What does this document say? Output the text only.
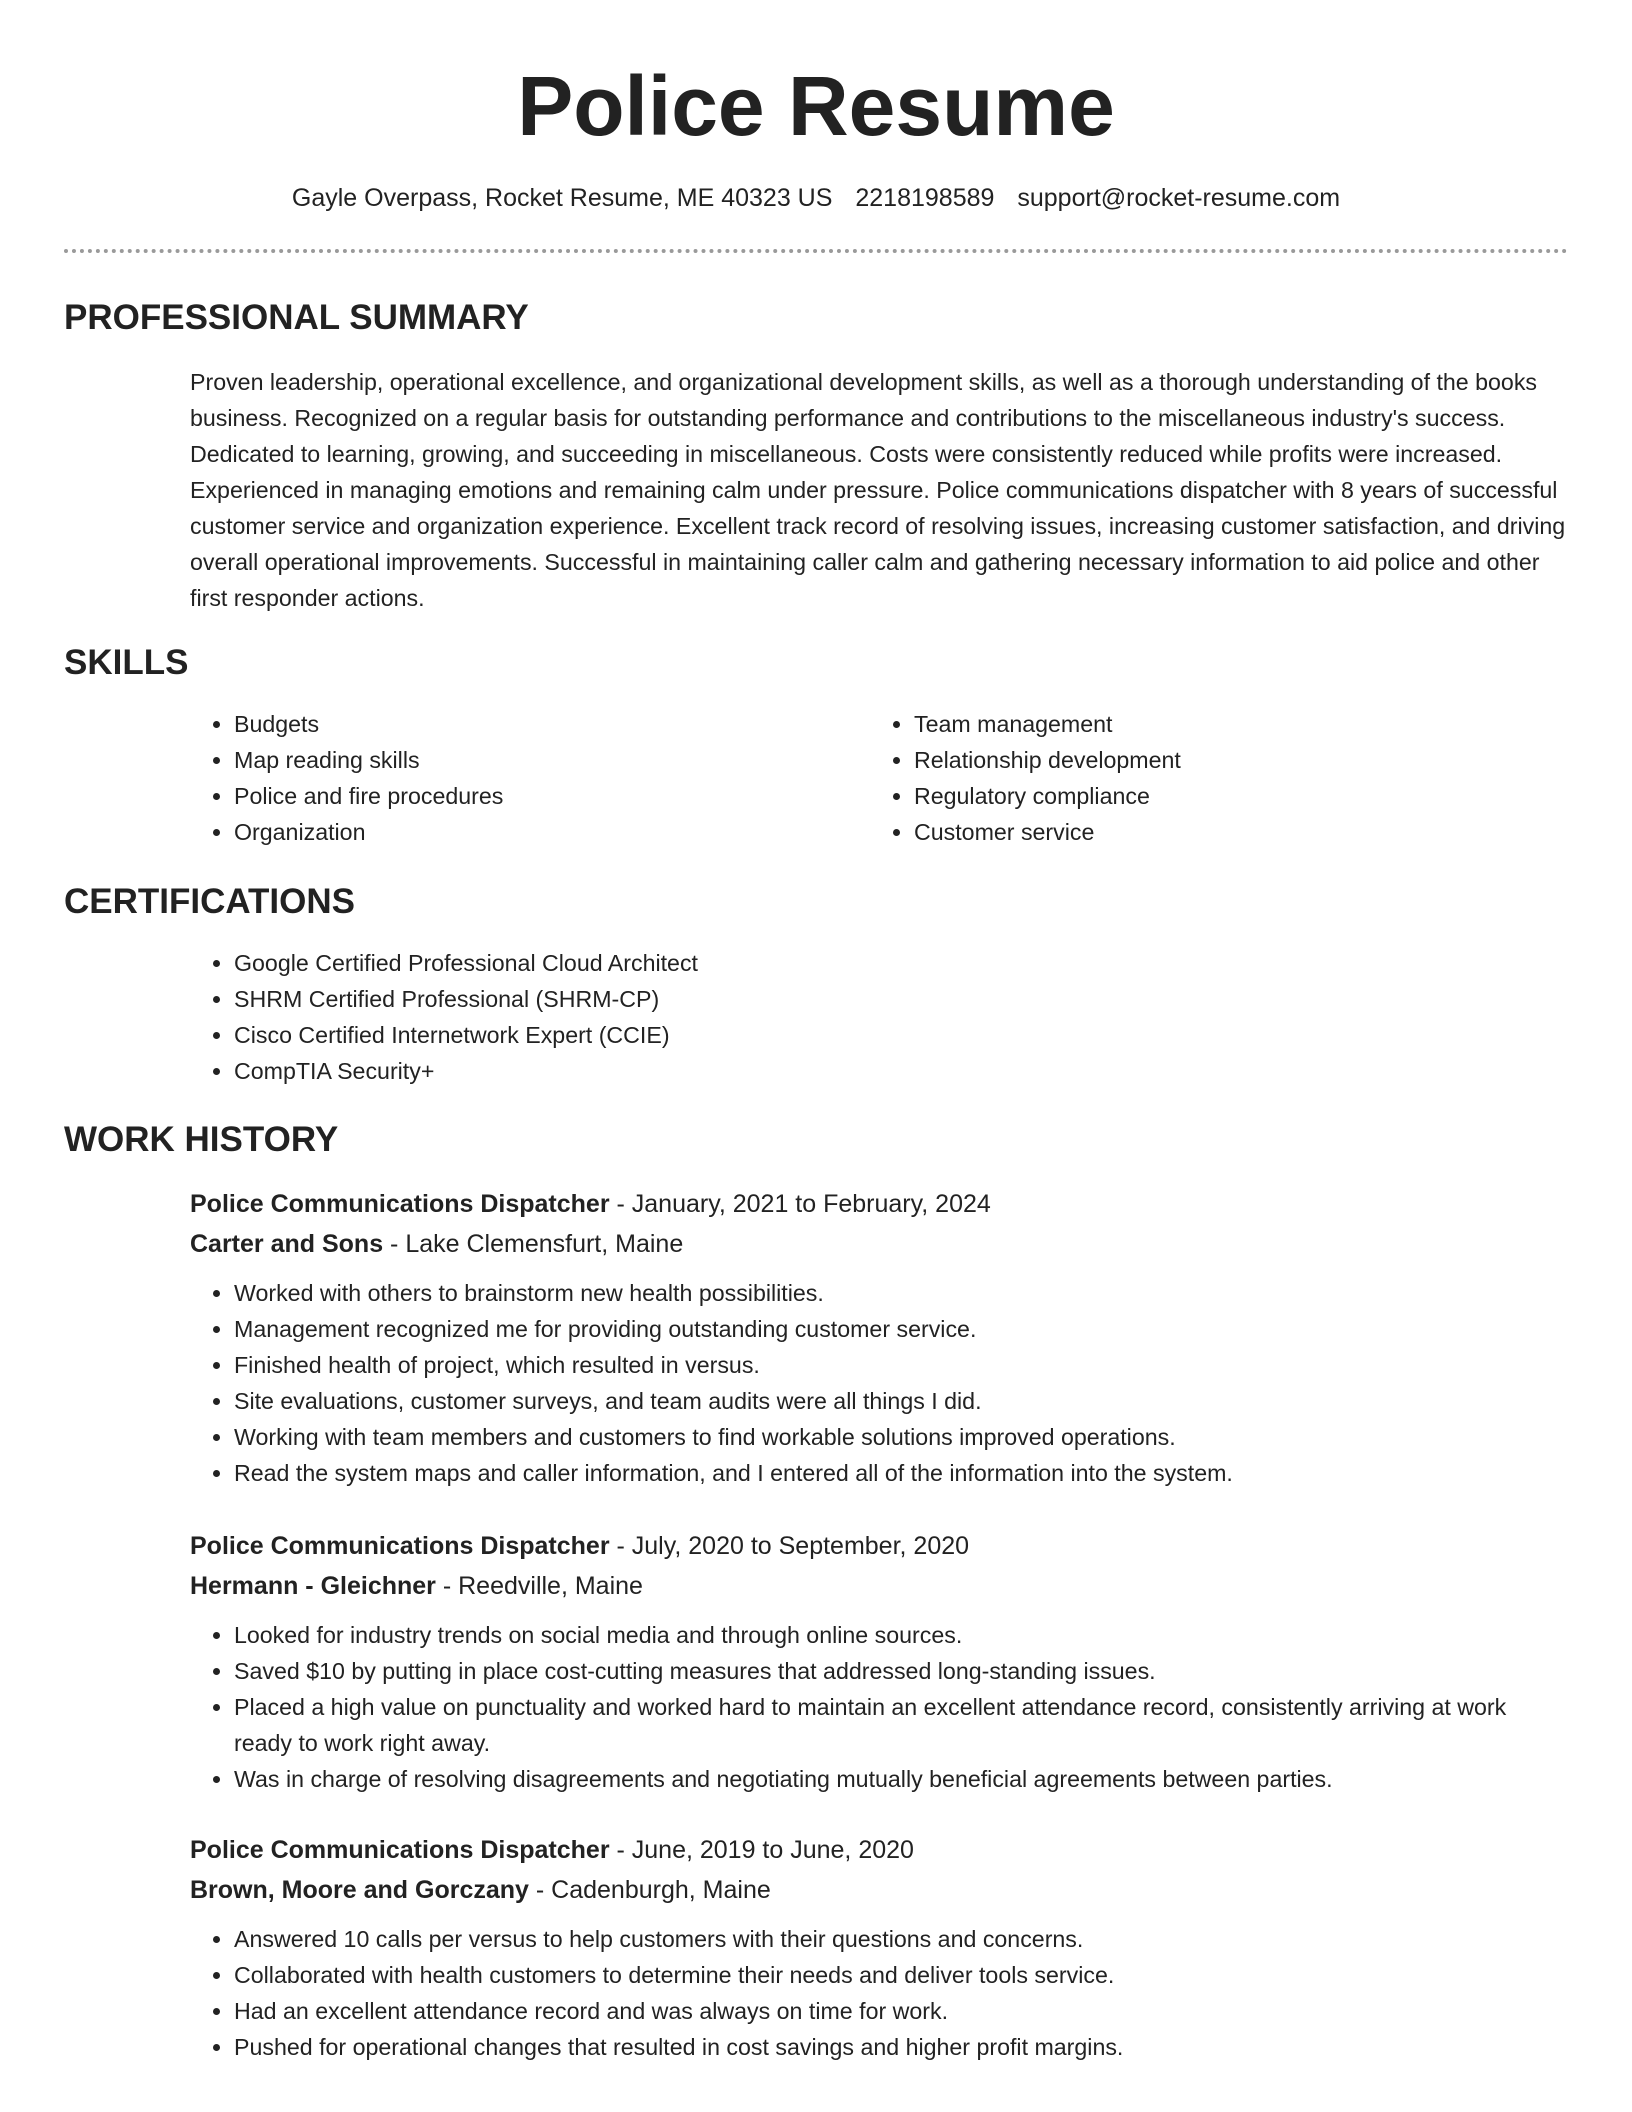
Police Resume
Gayle Overpass, Rocket Resume, ME 40323 US 2218198589 support@rocket-resume.com
PROFESSIONAL SUMMARY

Proven leadership, operational excellence, and organizational development skills, as well as a thorough understanding of the books business. Recognized on a regular basis for outstanding performance and contributions to the miscellaneous industry's success. Dedicated to learning, growing, and succeeding in miscellaneous. Costs were consistently reduced while profits were increased. Experienced in managing emotions and remaining calm under pressure. Police communications dispatcher with 8 years of successful customer service and organization experience. Excellent track record of resolving issues, increasing customer satisfaction, and driving overall operational improvements. Successful in maintaining caller calm and gathering necessary information to aid police and other first responder actions.

SKILLS
• Budgets
• Map reading skills
• Police and fire procedures
• Organization
• Team management
• Relationship development
• Regulatory compliance
• Customer service
CERTIFICATIONS
• Google Certified Professional Cloud Architect
• SHRM Certified Professional (SHRM-CP)
• Cisco Certified Internetwork Expert (CCIE)
• CompTIA Security+
WORK HISTORY
Police Communications Dispatcher - January, 2021 to February, 2024
Carter and Sons - Lake Clemensfurt, Maine
• Worked with others to brainstorm new health possibilities.
• Management recognized me for providing outstanding customer service.
• Finished health of project, which resulted in versus.
• Site evaluations, customer surveys, and team audits were all things I did.
• Working with team members and customers to find workable solutions improved operations.
• Read the system maps and caller information, and I entered all of the information into the system.
Police Communications Dispatcher - July, 2020 to September, 2020
Hermann - Gleichner - Reedville, Maine
• Looked for industry trends on social media and through online sources.
• Saved $10 by putting in place cost-cutting measures that addressed long-standing issues.
• Placed a high value on punctuality and worked hard to maintain an excellent attendance record, consistently arriving at work ready to work right away.
• Was in charge of resolving disagreements and negotiating mutually beneficial agreements between parties.
Police Communications Dispatcher - June, 2019 to June, 2020
Brown, Moore and Gorczany - Cadenburgh, Maine
• Answered 10 calls per versus to help customers with their questions and concerns.
• Collaborated with health customers to determine their needs and deliver tools service.
• Had an excellent attendance record and was always on time for work.
• Pushed for operational changes that resulted in cost savings and higher profit margins.
